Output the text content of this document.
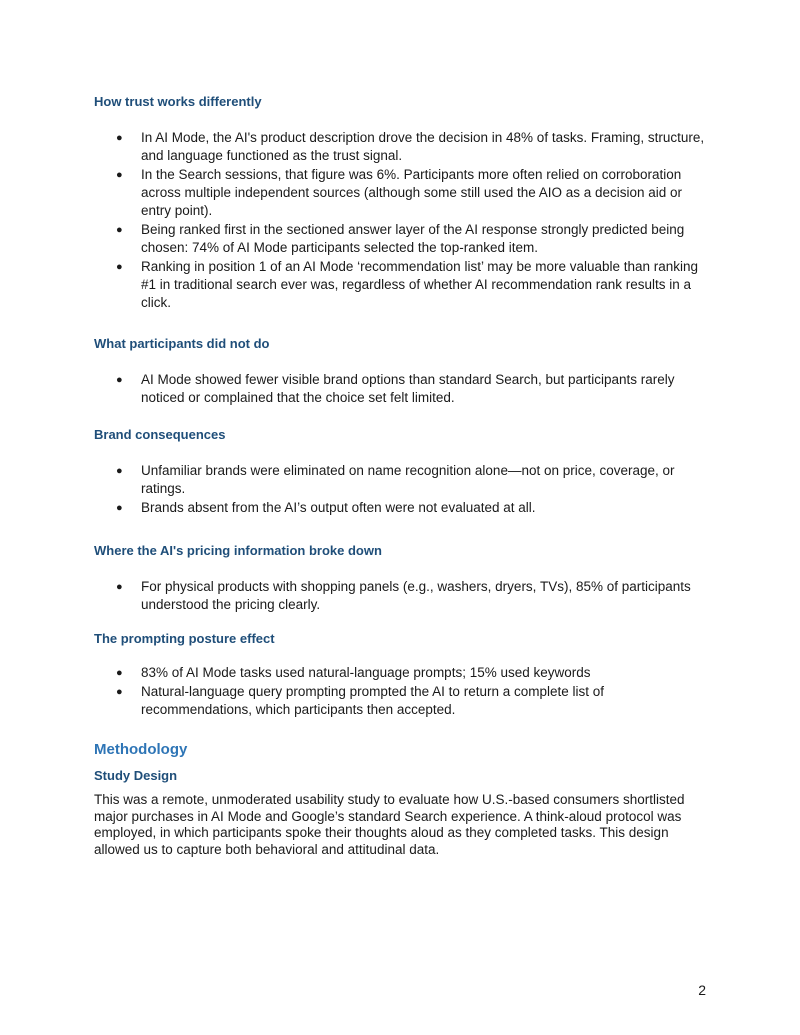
How trust works differently
● In AI Mode, the AI's product description drove the decision in 48% of tasks. Framing, structure, and language functioned as the trust signal.
● In the Search sessions, that figure was 6%. Participants more often relied on corroboration across multiple independent sources (although some still used the AIO as a decision aid or entry point).
● Being ranked first in the sectioned answer layer of the AI response strongly predicted being chosen: 74% of AI Mode participants selected the top-ranked item.
● Ranking in position 1 of an AI Mode ‘recommendation list’ may be more valuable than ranking #1 in traditional search ever was, regardless of whether AI recommendation rank results in a click.
What participants did not do
● AI Mode showed fewer visible brand options than standard Search, but participants rarely noticed or complained that the choice set felt limited.
Brand consequences
● Unfamiliar brands were eliminated on name recognition alone—not on price, coverage, or ratings.
● Brands absent from the AI’s output often were not evaluated at all.
Where the AI's pricing information broke down
● For physical products with shopping panels (e.g., washers, dryers, TVs), 85% of participants understood the pricing clearly.
The prompting posture effect
● 83% of AI Mode tasks used natural-language prompts; 15% used keywords
● Natural-language query prompting prompted the AI to return a complete list of recommendations, which participants then accepted.
Methodology
Study Design

This was a remote, unmoderated usability study to evaluate how U.S.-based consumers shortlisted major purchases in AI Mode and Google’s standard Search experience. A think-aloud protocol was employed, in which participants spoke their thoughts aloud as they completed tasks. This design allowed us to capture both behavioral and attitudinal data.

2
